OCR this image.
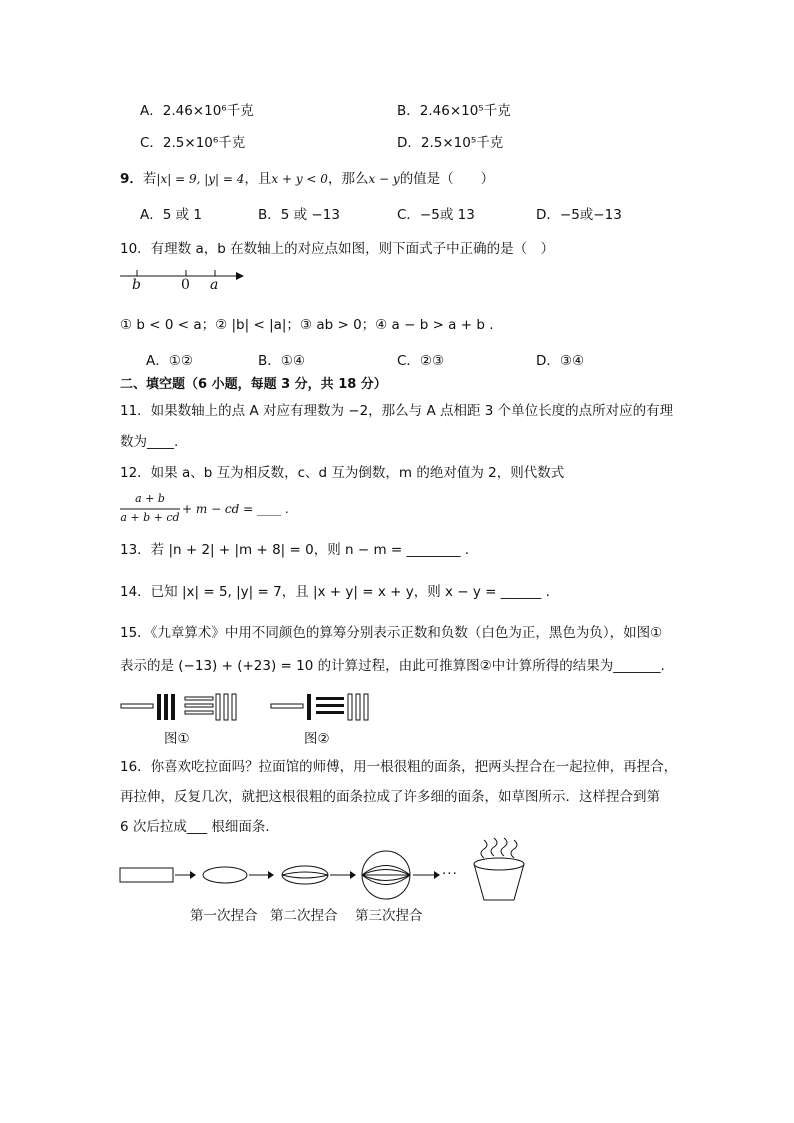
A．2.46×10⁶千克	B．2.46×10⁵千克
C．2.5×10⁶千克	D．2.5×10⁵千克
9．若|x| = 9, |y| = 4，且x + y < 0，那么x − y的值是（　　）
A．5 或 1	B．5 或 −13	C．−5或 13	D．−5或−13
10．有理数 a，b 在数轴上的对应点如图，则下面式子中正确的是（　）
b	0 a
① b < 0 < a；② |b| < |a|；③ ab > 0；④ a − b > a + b .
A．①②	B．①④	C．②③	D．③④
二、填空题（6 小题，每题 3 分，共 18 分）
11．如果数轴上的点 A 对应有理数为 −2，那么与 A 点相距 3 个单位长度的点所对应的有理
数为____.
12．如果 a、b 互为相反数，c、d 互为倒数，m 的绝对值为 2，则代数式
a + b
a + b + cd
+ m − cd = ____ .
13．若 |n + 2| + |m + 8| = 0，则 n − m = ________ .
14．已知 |x| = 5, |y| = 7，且 |x + y| = x + y，则 x − y = ______ .
15．《九章算术》中用不同颜色的算筹分别表示正数和负数（白色为正，黑色为负），如图①
表示的是 (−13) + (+23) = 10 的计算过程，由此可推算图②中计算所得的结果为_______.
图①	图②
16．你喜欢吃拉面吗？拉面馆的师傅，用一根很粗的面条，把两头捏合在一起拉伸，再捏合，
再拉伸，反复几次，就把这根很粗的面条拉成了许多细的面条，如草图所示．这样捏合到第
6 次后拉成___ 根细面条．
···
第一次捏合 第二次捏合 第三次捏合
